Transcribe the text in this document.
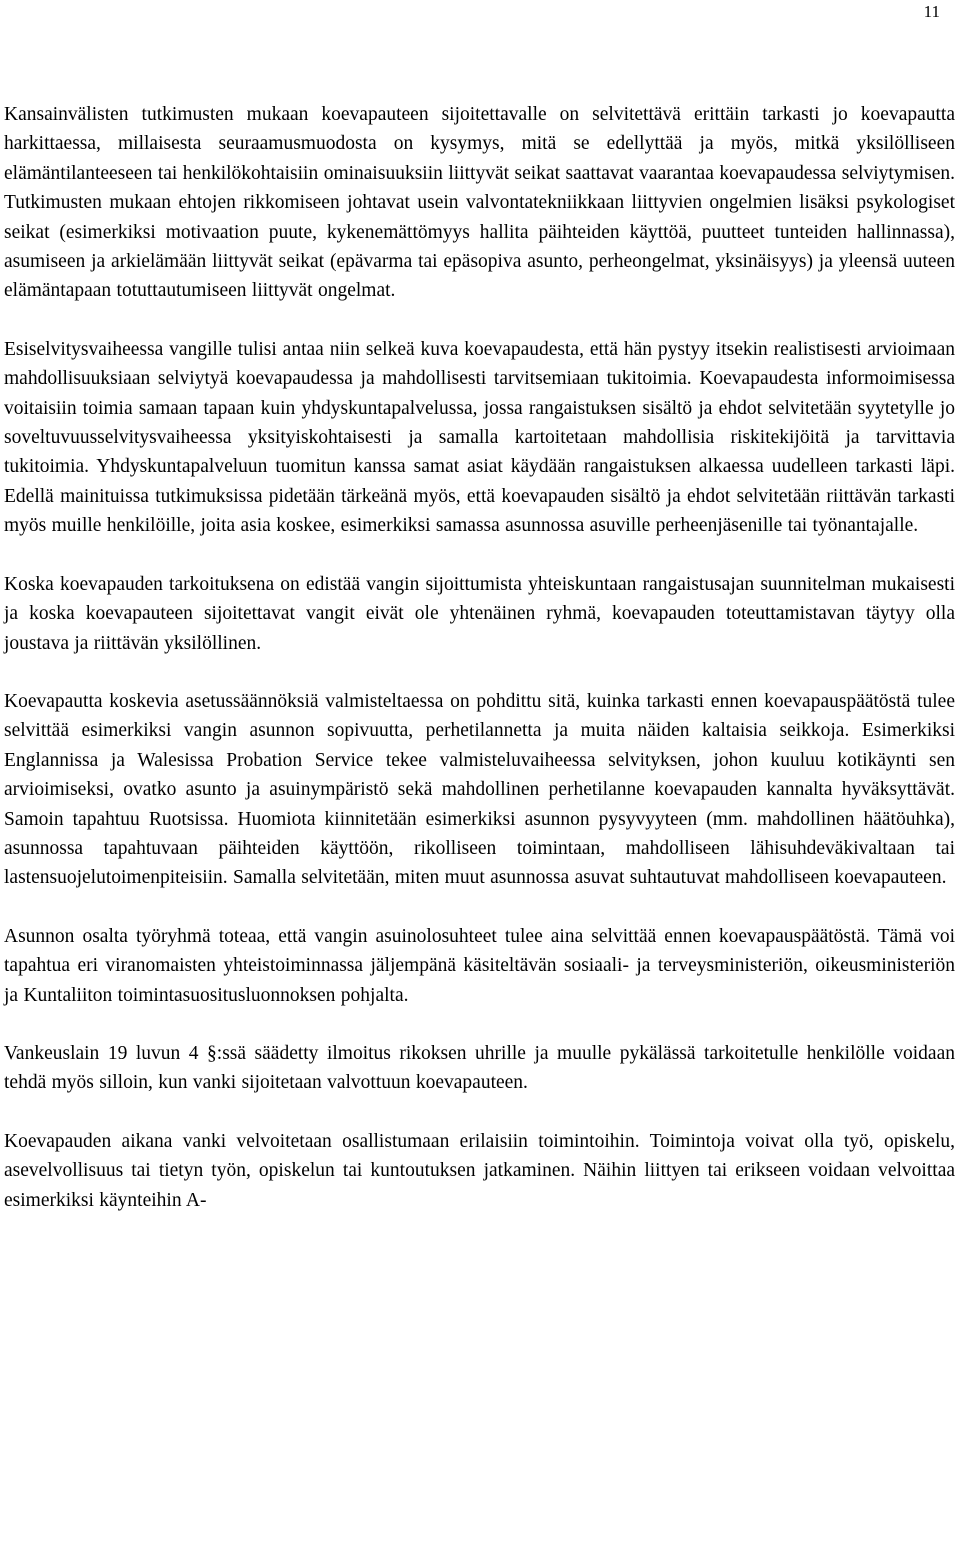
11

Kansainvälisten tutkimusten mukaan koevapauteen sijoitettavalle on selvitettävä erittäin tarkasti jo koevapautta harkittaessa, millaisesta seuraamusmuodosta on kysymys, mitä se edellyttää ja myös, mitkä yksilölliseen elämäntilanteeseen tai henkilökohtaisiin ominaisuuksiin liittyvät seikat saattavat vaarantaa koevapaudessa selviytymisen. Tutkimusten mukaan ehtojen rikkomiseen johtavat usein valvontatekniikkaan liittyvien ongelmien lisäksi psykologiset seikat (esimerkiksi motivaation puute, kykenemättömyys hallita päihteiden käyttöä, puutteet tunteiden hallinnassa), asumiseen ja arkielämään liittyvät seikat (epävarma tai epäsopiva asunto, perheongelmat, yksinäisyys) ja yleensä uuteen elämäntapaan totuttautumiseen liittyvät ongelmat.

Esiselvitysvaiheessa vangille tulisi antaa niin selkeä kuva koevapaudesta, että hän pystyy itsekin realistisesti arvioimaan mahdollisuuksiaan selviytyä koevapaudessa ja mahdollisesti tarvitsemiaan tukitoimia. Koevapaudesta informoimisessa voitaisiin toimia samaan tapaan kuin yhdyskuntapalvelussa, jossa rangaistuksen sisältö ja ehdot selvitetään syytetylle jo soveltuvuusselvitysvaiheessa yksityiskohtaisesti ja samalla kartoitetaan mahdollisia riskitekijöitä ja tarvittavia tukitoimia. Yhdyskuntapalveluun tuomitun kanssa samat asiat käydään rangaistuksen alkaessa uudelleen tarkasti läpi. Edellä mainituissa tutkimuksissa pidetään tärkeänä myös, että koevapauden sisältö ja ehdot selvitetään riittävän tarkasti myös muille henkilöille, joita asia koskee, esimerkiksi samassa asunnossa asuville perheenjäsenille tai työnantajalle.

Koska koevapauden tarkoituksena on edistää vangin sijoittumista yhteiskuntaan rangaistusajan suunnitelman mukaisesti ja koska koevapauteen sijoitettavat vangit eivät ole yhtenäinen ryhmä, koevapauden toteuttamistavan täytyy olla joustava ja riittävän yksilöllinen.

Koevapautta koskevia asetussäännöksiä valmisteltaessa on pohdittu sitä, kuinka tarkasti ennen koevapauspäätöstä tulee selvittää esimerkiksi vangin asunnon sopivuutta, perhetilannetta ja muita näiden kaltaisia seikkoja. Esimerkiksi Englannissa ja Walesissa Probation Service tekee valmisteluvaiheessa selvityksen, johon kuuluu kotikäynti sen arvioimiseksi, ovatko asunto ja asuinympäristö sekä mahdollinen perhetilanne koevapauden kannalta hyväksyttävät. Samoin tapahtuu Ruotsissa. Huomiota kiinnitetään esimerkiksi asunnon pysyvyyteen (mm. mahdollinen häätöuhka), asunnossa tapahtuvaan päihteiden käyttöön, rikolliseen toimintaan, mahdolliseen lähisuhdeväkivaltaan tai lastensuojelutoimenpiteisiin. Samalla selvitetään, miten muut asunnossa asuvat suhtautuvat mahdolliseen koevapauteen.

Asunnon osalta työryhmä toteaa, että vangin asuinolosuhteet tulee aina selvittää ennen koevapauspäätöstä. Tämä voi tapahtua eri viranomaisten yhteistoiminnassa jäljempänä käsiteltävän sosiaali- ja terveysministeriön, oikeusministeriön ja Kuntaliiton toimintasuositusluonnoksen pohjalta.

Vankeuslain 19 luvun 4 §:ssä säädetty ilmoitus rikoksen uhrille ja muulle pykälässä tarkoitetulle henkilölle voidaan tehdä myös silloin, kun vanki sijoitetaan valvottuun koevapauteen.

Koevapauden aikana vanki velvoitetaan osallistumaan erilaisiin toimintoihin. Toimintoja voivat olla työ, opiskelu, asevelvollisuus tai tietyn työn, opiskelun tai kuntoutuksen jatkaminen. Näihin liittyen tai erikseen voidaan velvoittaa esimerkiksi käynteihin A-
